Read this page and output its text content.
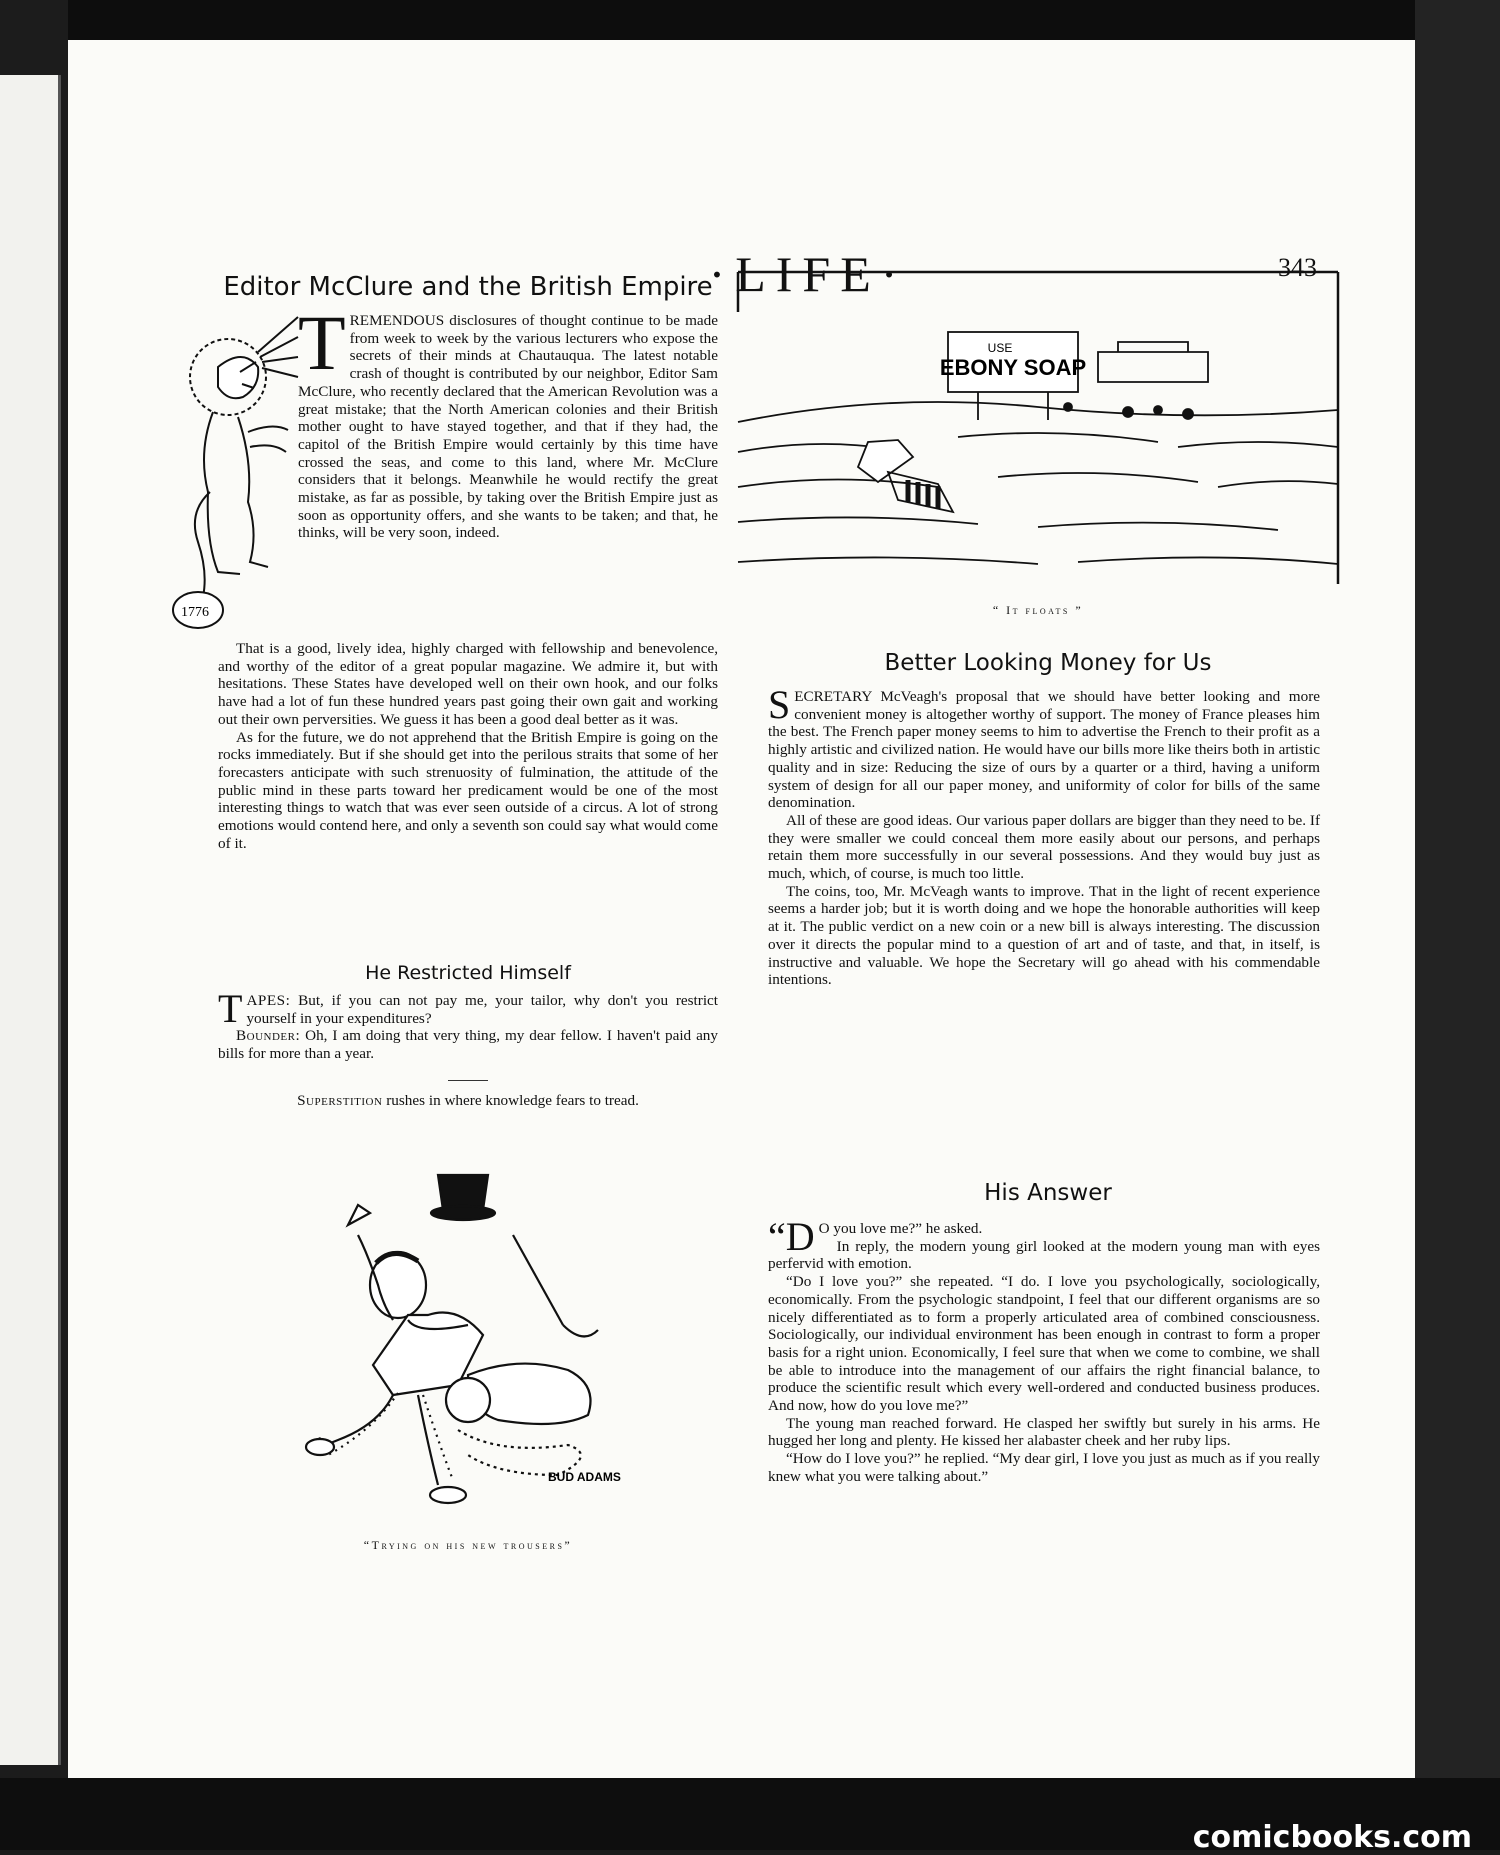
·LIFE·	343
Editor McClure and the British Empire
1776

TREMENDOUS disclosures of thought continue to be made from week to week by the various lecturers who expose the secrets of their minds at Chautauqua. The latest notable crash of thought is contributed by our neighbor, Editor Sam McClure, who recently declared that the American Revolution was a great mistake; that the North American colonies and their British mother ought to have stayed together, and that if they had, the capitol of the British Empire would certainly by this time have crossed the seas, and come to this land, where Mr. McClure considers that it belongs. Meanwhile he would rectify the great mistake, as far as possible, by taking over the British Empire just as soon as opportunity offers, and she wants to be taken; and that, he thinks, will be very soon, indeed.

That is a good, lively idea, highly charged with fellowship and benevolence, and worthy of the editor of a great popular magazine. We admire it, but with hesitations. These States have developed well on their own hook, and our folks have had a lot of fun these hundred years past going their own gait and working out their own perversities. We guess it has been a good deal better as it was.

As for the future, we do not apprehend that the British Empire is going on the rocks immediately. But if she should get into the perilous straits that some of her forecasters anticipate with such strenuosity of fulmination, the attitude of the public mind in these parts toward her predicament would be one of the most interesting things to watch that was ever seen outside of a circus. A lot of strong emotions would contend here, and only a seventh son could say what would come of it.

He Restricted Himself

TAPES: But, if you can not pay me, your tailor, why don't you restrict yourself in your expenditures?

Bounder: Oh, I am doing that very thing, my dear fellow. I haven't paid any bills for more than a year.

Superstition rushes in where knowledge fears to tread.
BUD ADAMS
“Trying on his new trousers”
USE
EBONY SOAP
“ It floats ”
Better Looking Money for Us

SECRETARY McVeagh's proposal that we should have better looking and more convenient money is altogether worthy of support. The money of France pleases him the best. The French paper money seems to him to advertise the French to their profit as a highly artistic and civilized nation. He would have our bills more like theirs both in artistic quality and in size: Reducing the size of ours by a quarter or a third, having a uniform system of design for all our paper money, and uniformity of color for bills of the same denomination.

All of these are good ideas. Our various paper dollars are bigger than they need to be. If they were smaller we could conceal them more easily about our persons, and perhaps retain them more successfully in our several possessions. And they would buy just as much, which, of course, is much too little.

The coins, too, Mr. McVeagh wants to improve. That in the light of recent experience seems a harder job; but it is worth doing and we hope the honorable authorities will keep at it. The public verdict on a new coin or a new bill is always interesting. The discussion over it directs the popular mind to a question of art and of taste, and that, in itself, is instructive and valuable. We hope the Secretary will go ahead with his commendable intentions.

His Answer

“D O you love me?” he asked.

In reply, the modern young girl looked at the modern young man with eyes perfervid with emotion.

“Do I love you?” she repeated. “I do. I love you psychologically, sociologically, economically. From the psychologic standpoint, I feel that our different organisms are so nicely differentiated as to form a properly articulated area of combined consciousness. Sociologically, our individual environment has been enough in contrast to form a proper basis for a right union. Economically, I feel sure that when we come to combine, we shall be able to introduce into the management of our affairs the right financial balance, to produce the scientific result which every well-ordered and conducted business produces. And now, how do you love me?”

The young man reached forward. He clasped her swiftly but surely in his arms. He hugged her long and plenty. He kissed her alabaster cheek and her ruby lips.

“How do I love you?” he replied. “My dear girl, I love you just as much as if you really knew what you were talking about.”

comicbooks.com
